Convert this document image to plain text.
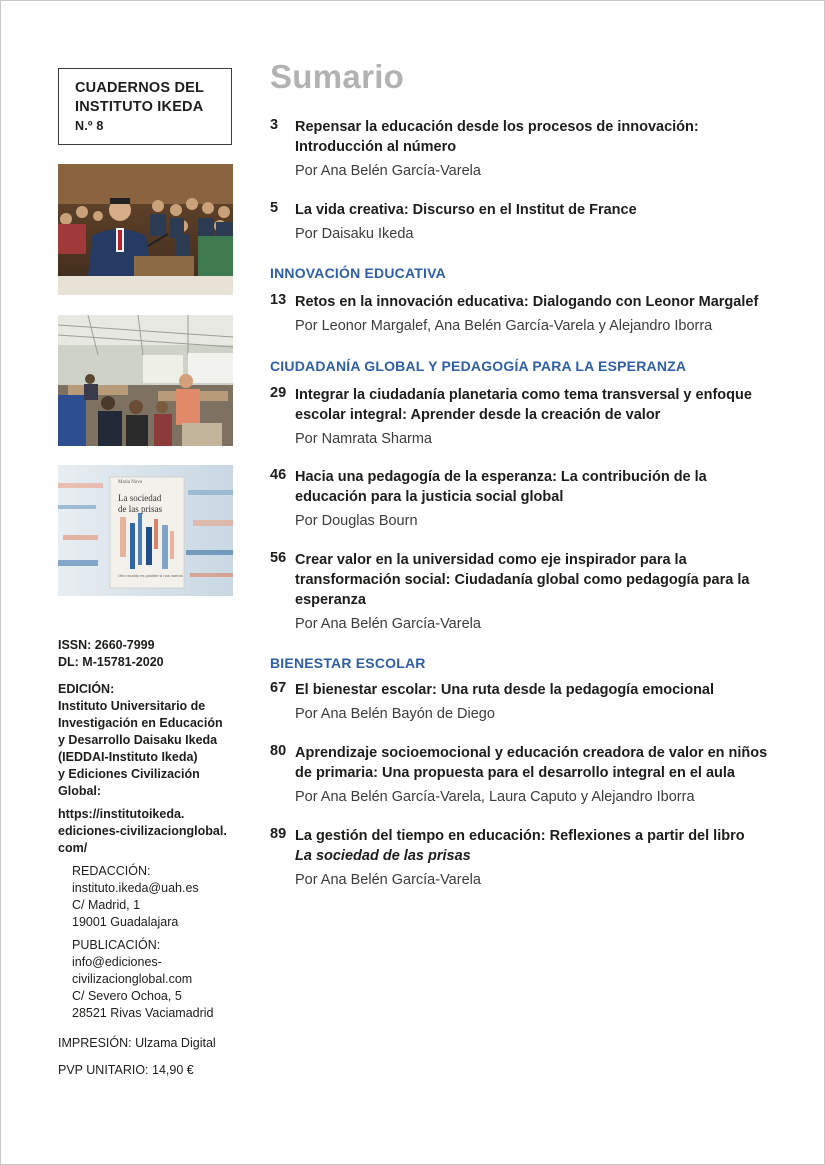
CUADERNOS DEL
INSTITUTO IKEDA
N.º 8
Maria Novo
La sociedad
de las prisas
Otro mundo es posible si nos vamos
ISSN: 2660-7999
DL: M-15781-2020
EDICIÓN:
Instituto Universitario de
Investigación en Educación
y Desarrollo Daisaku Ikeda
(IEDDAI-Instituto Ikeda)
y Ediciones Civilización
Global:
https://institutoikeda.
ediciones-civilizacionglobal.
com/
REDACCIÓN:
instituto.ikeda@uah.es
C/ Madrid, 1
19001 Guadalajara
PUBLICACIÓN:
info@ediciones-
civilizacionglobal.com
C/ Severo Ochoa, 5
28521 Rivas Vaciamadrid
IMPRESIÓN: Ulzama Digital
PVP UNITARIO: 14,90 €
Sumario
3	Repensar la educación desde los procesos de innovación:
Introducción al número
Por Ana Belén García-Varela
5	La vida creativa: Discurso en el Institut de France
Por Daisaku Ikeda
INNOVACIÓN EDUCATIVA
13 Retos en la innovación educativa: Dialogando con Leonor Margalef
Por Leonor Margalef, Ana Belén García-Varela y Alejandro Iborra
CIUDADANÍA GLOBAL Y PEDAGOGÍA PARA LA ESPERANZA
29 Integrar la ciudadanía planetaria como tema transversal y enfoque
escolar integral: Aprender desde la creación de valor
Por Namrata Sharma
46 Hacia una pedagogía de la esperanza: La contribución de la
educación para la justicia social global
Por Douglas Bourn
56 Crear valor en la universidad como eje inspirador para la
transformación social: Ciudadanía global como pedagogía para la
esperanza
Por Ana Belén García-Varela
BIENESTAR ESCOLAR
67 El bienestar escolar: Una ruta desde la pedagogía emocional
Por Ana Belén Bayón de Diego
80 Aprendizaje socioemocional y educación creadora de valor en niños
de primaria: Una propuesta para el desarrollo integral en el aula
Por Ana Belén García-Varela, Laura Caputo y Alejandro Iborra
89 La gestión del tiempo en educación: Reflexiones a partir del libro
La sociedad de las prisas
Por Ana Belén García-Varela
